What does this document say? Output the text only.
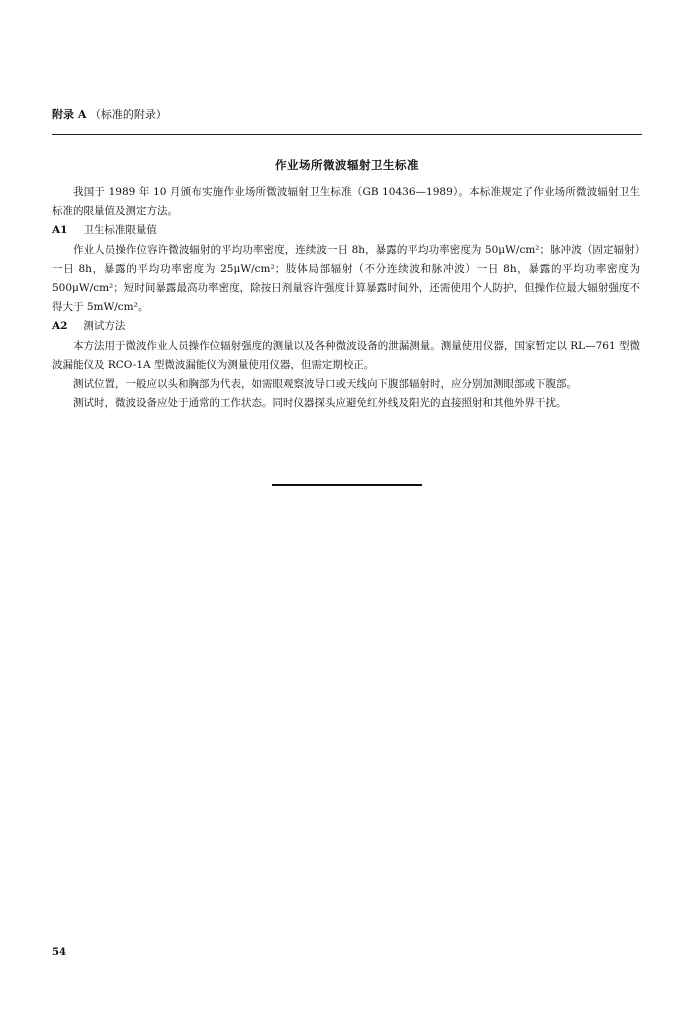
附录 A （标准的附录）
作业场所微波辐射卫生标准

我国于 1989 年 10 月颁布实施作业场所微波辐射卫生标准（GB 10436—1989）。本标准规定了作业场所微波辐射卫生标准的限量值及测定方法。

A1 卫生标准限量值

作业人员操作位容许微波辐射的平均功率密度，连续波一日 8h，暴露的平均功率密度为 50μW/cm²；脉冲波（固定辐射）一日 8h，暴露的平均功率密度为 25μW/cm²；肢体局部辐射（不分连续波和脉冲波）一日 8h，暴露的平均功率密度为 500μW/cm²；短时间暴露最高功率密度，除按日剂量容许强度计算暴露时间外，还需使用个人防护，但操作位最大辐射强度不得大于 5mW/cm²。

A2 测试方法

本方法用于微波作业人员操作位辐射强度的测量以及各种微波设备的泄漏测量。测量使用仪器，国家暂定以 RL—761 型微波漏能仪及 RCO-1A 型微波漏能仪为测量使用仪器，但需定期校正。

测试位置，一般应以头和胸部为代表，如需眼观察波导口或天线向下腹部辐射时，应分别加测眼部或下腹部。

测试时，微波设备应处于通常的工作状态。同时仪器探头应避免红外线及阳光的直接照射和其他外界干扰。

54
